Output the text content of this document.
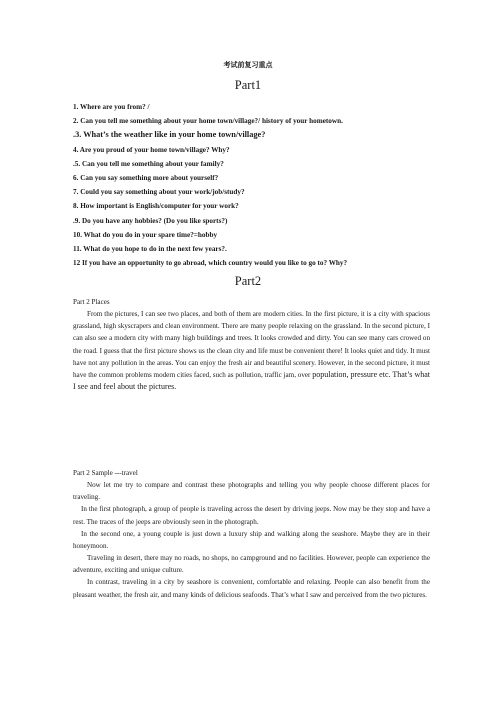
考试前复习重点
Part1
1. Where are you from? /
2. Can you tell me something about your home town/village?/ history of your hometown.
.3. What’s the weather like in your home town/village?
4. Are you proud of your home town/village? Why?
.5. Can you tell me something about your family?
6. Can you say something more about yourself?
7. Could you say something about your work/job/study?
8. How important is English/computer for your work?
.9. Do you have any hobbies? (Do you like sports?)
10. What do you do in your spare time?=hobby
11. What do you hope to do in the next few years?.
12 If you have an opportunity to go abroad, which country would you like to go to? Why?
Part2

Part 2 Places

From the pictures, I can see two places, and both of them are modern cities. In the first picture, it is a city with spacious grassland, high skyscrapers and clean environment. There are many people relaxing on the grassland. In the second picture, I can also see a modern city with many high buildings and trees. It looks crowded and dirty. You can see many cars crowed on the road. I guess that the first picture shows us the clean city and life must be convenient there! It looks quiet and tidy. It must have not any pollution in the areas. You can enjoy the fresh air and beautiful scenery. However, in the second picture, it must have the common problems modern cities faced, such as pollution, traffic jam, over population, pressure etc. That’s what I see and feel about the pictures.

Part 2 Sample ---travel

Now let me try to compare and contrast these photographs and telling you why people choose different places for traveling.

In the first photograph, a group of people is traveling across the desert by driving jeeps. Now may be they stop and have a rest. The traces of the jeeps are obviously seen in the photograph.

In the second one, a young couple is just down a luxury ship and walking along the seashore. Maybe they are in their honeymoon.

Traveling in desert, there may no roads, no shops, no campground and no facilities. However, people can experience the adventure, exciting and unique culture.

In contrast, traveling in a city by seashore is convenient, comfortable and relaxing. People can also benefit from the pleasant weather, the fresh air, and many kinds of delicious seafoods. That’s what I saw and perceived from the two pictures.
